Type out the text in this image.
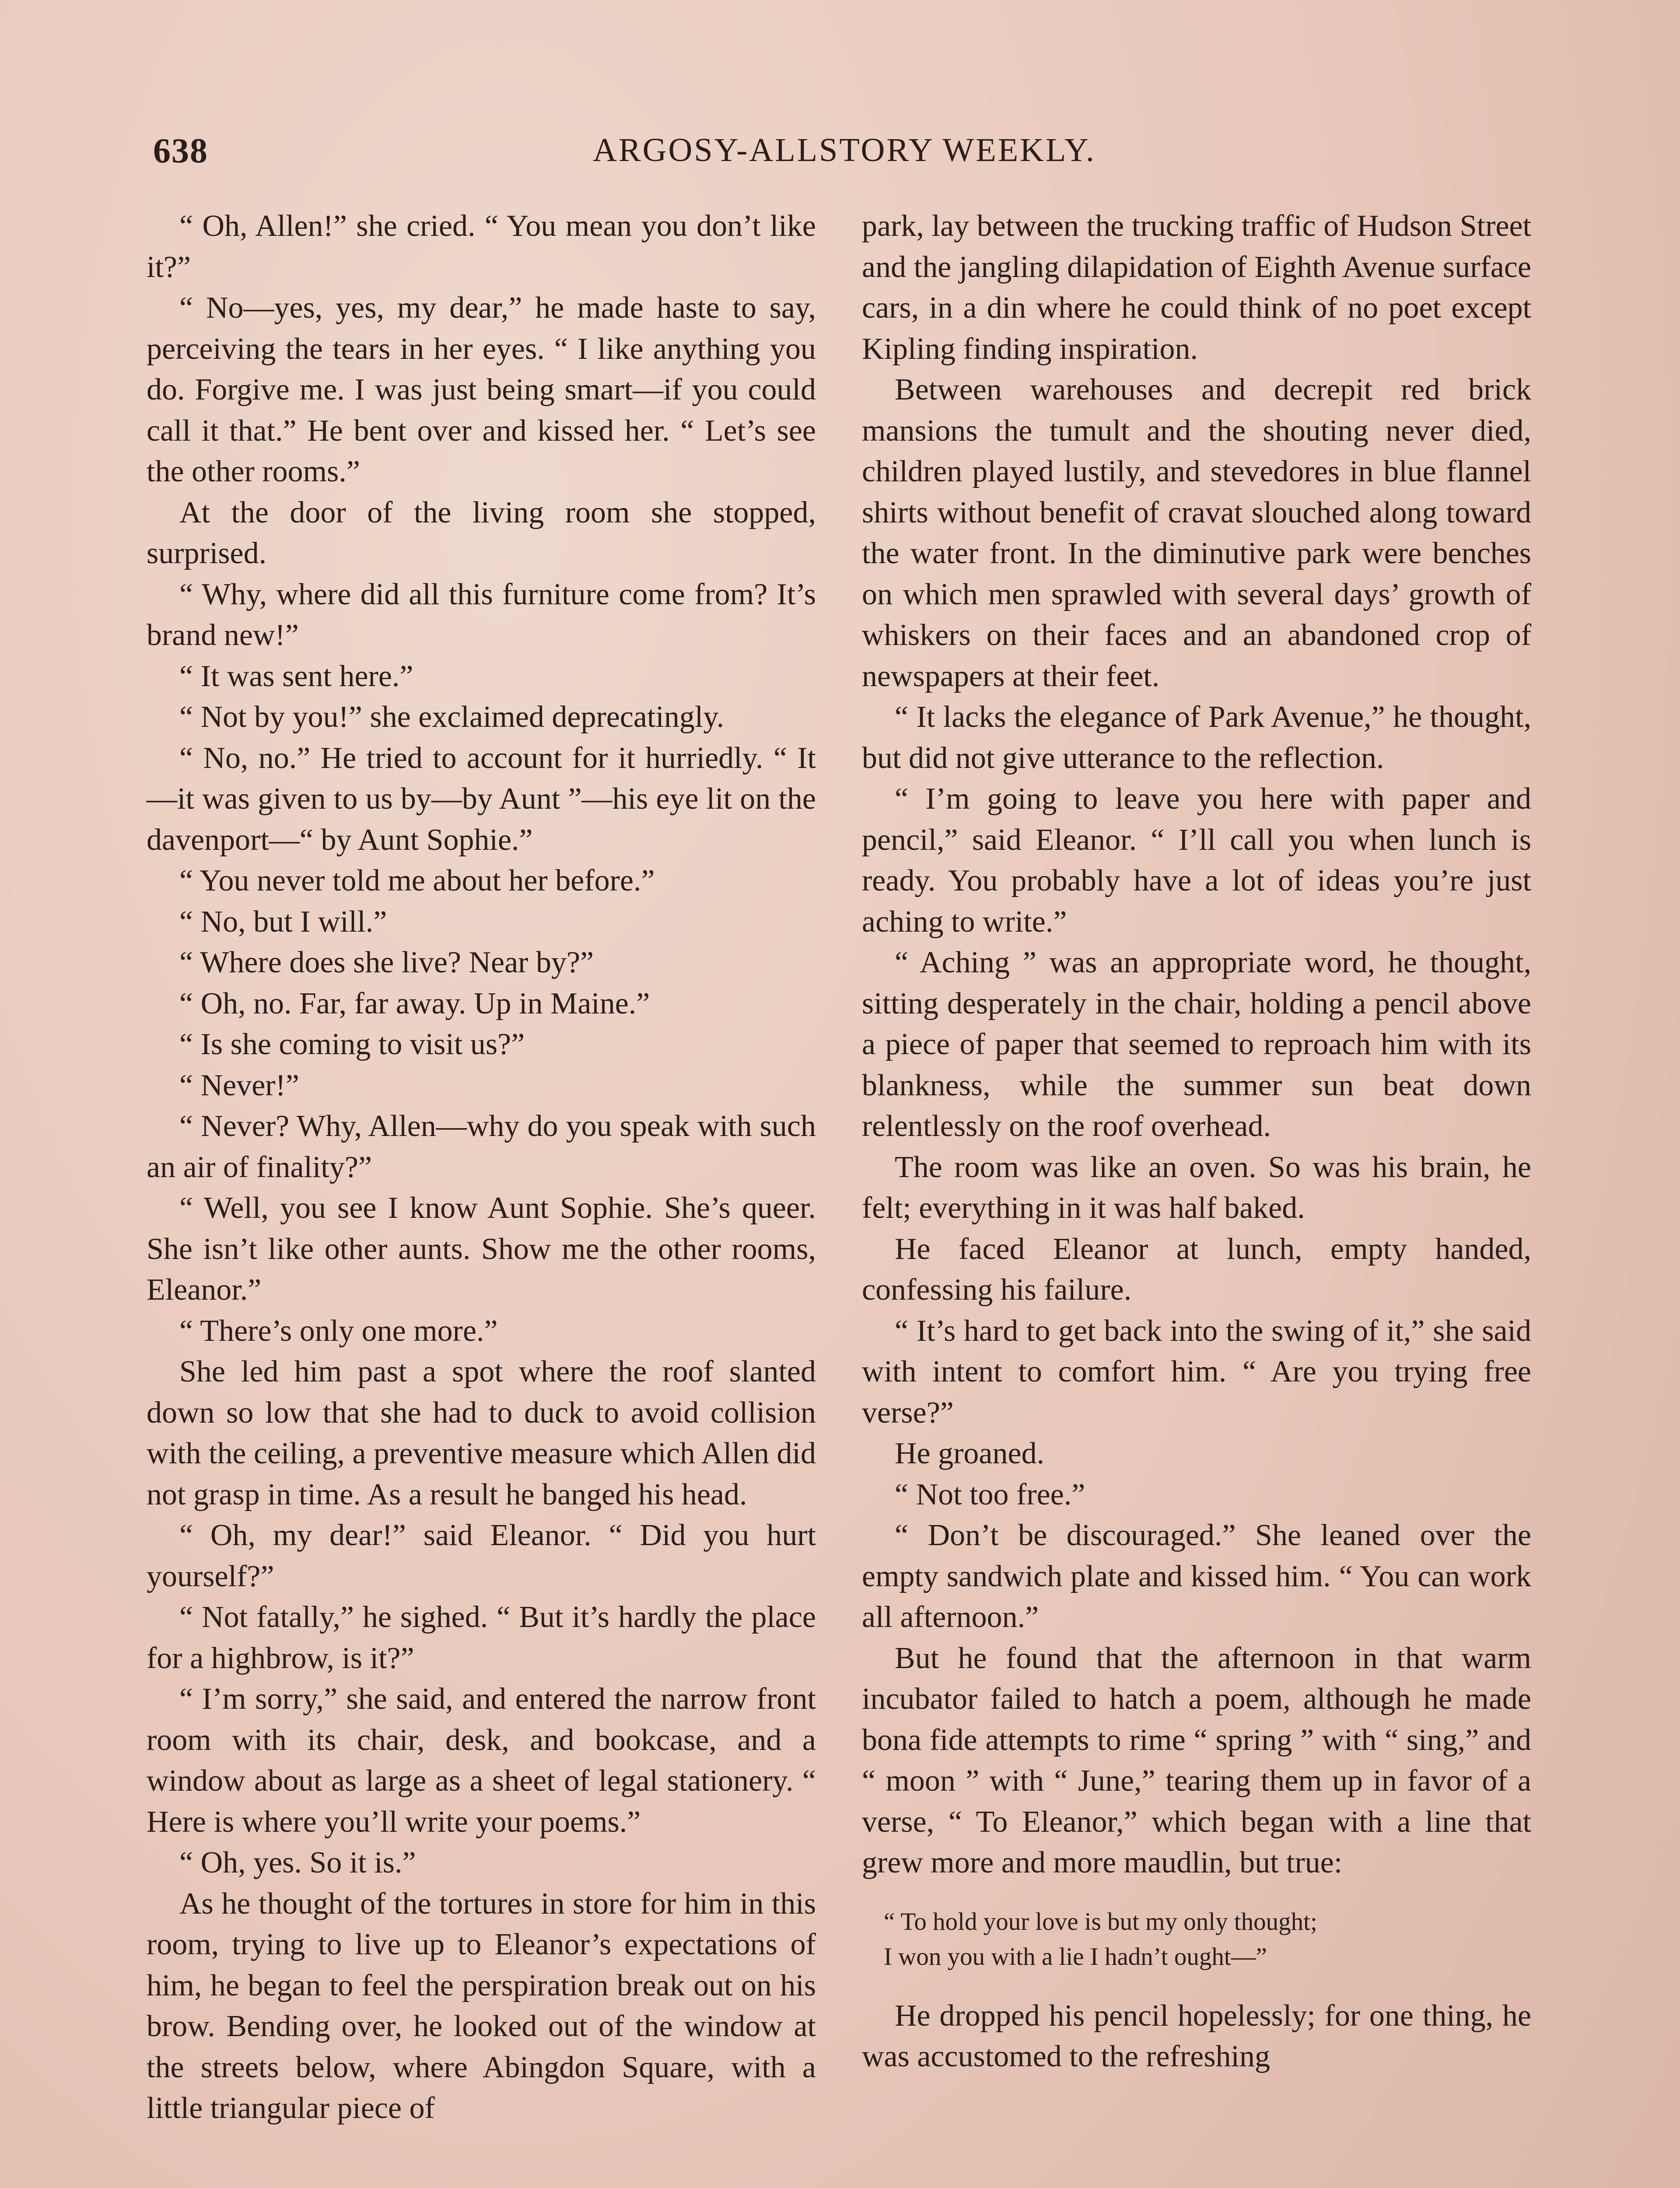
638	ARGOSY-ALLSTORY WEEKLY.

“ Oh, Allen!” she cried. “ You mean you don’t like it?”

“ No—yes, yes, my dear,” he made haste to say, perceiving the tears in her eyes. “ I like anything you do. Forgive me. I was just being smart—if you could call it that.” He bent over and kissed her. “ Let’s see the other rooms.”

At the door of the living room she stopped, surprised.

“ Why, where did all this furniture come from? It’s brand new!”

“ It was sent here.”

“ Not by you!” she exclaimed deprecatingly.

“ No, no.” He tried to account for it hurriedly. “ It—it was given to us by—by Aunt ”—his eye lit on the davenport—“ by Aunt Sophie.”

“ You never told me about her before.”

“ No, but I will.”

“ Where does she live? Near by?”

“ Oh, no. Far, far away. Up in Maine.”

“ Is she coming to visit us?”

“ Never!”

“ Never? Why, Allen—why do you speak with such an air of finality?”

“ Well, you see I know Aunt Sophie. She’s queer. She isn’t like other aunts. Show me the other rooms, Eleanor.”

“ There’s only one more.”

She led him past a spot where the roof slanted down so low that she had to duck to avoid collision with the ceiling, a preventive measure which Allen did not grasp in time. As a result he banged his head.

“ Oh, my dear!” said Eleanor. “ Did you hurt yourself?”

“ Not fatally,” he sighed. “ But it’s hardly the place for a highbrow, is it?”

“ I’m sorry,” she said, and entered the narrow front room with its chair, desk, and bookcase, and a window about as large as a sheet of legal stationery. “ Here is where you’ll write your poems.”

“ Oh, yes. So it is.”

As he thought of the tortures in store for him in this room, trying to live up to Eleanor’s expectations of him, he began to feel the perspiration break out on his brow. Bending over, he looked out of the window at the streets below, where Abingdon Square, with a little triangular piece of

park, lay between the trucking traffic of Hudson Street and the jangling dilapidation of Eighth Avenue surface cars, in a din where he could think of no poet except Kipling finding inspiration.

Between warehouses and decrepit red brick mansions the tumult and the shouting never died, children played lustily, and stevedores in blue flannel shirts without benefit of cravat slouched along toward the water front. In the diminutive park were benches on which men sprawled with several days’ growth of whiskers on their faces and an abandoned crop of newspapers at their feet.

“ It lacks the elegance of Park Avenue,” he thought, but did not give utterance to the reflection.

“ I’m going to leave you here with paper and pencil,” said Eleanor. “ I’ll call you when lunch is ready. You probably have a lot of ideas you’re just aching to write.”

“ Aching ” was an appropriate word, he thought, sitting desperately in the chair, holding a pencil above a piece of paper that seemed to reproach him with its blankness, while the summer sun beat down relentlessly on the roof overhead.

The room was like an oven. So was his brain, he felt; everything in it was half baked.

He faced Eleanor at lunch, empty handed, confessing his failure.

“ It’s hard to get back into the swing of it,” she said with intent to comfort him. “ Are you trying free verse?”

He groaned.

“ Not too free.”

“ Don’t be discouraged.” She leaned over the empty sandwich plate and kissed him. “ You can work all afternoon.”

But he found that the afternoon in that warm incubator failed to hatch a poem, although he made bona fide attempts to rime “ spring ” with “ sing,” and “ moon ” with “ June,” tearing them up in favor of a verse, “ To Eleanor,” which began with a line that grew more and more maudlin, but true:

“ To hold your love is but my only thought;
I won you with a lie I hadn’t ought—”

He dropped his pencil hopelessly; for one thing, he was accustomed to the refreshing
